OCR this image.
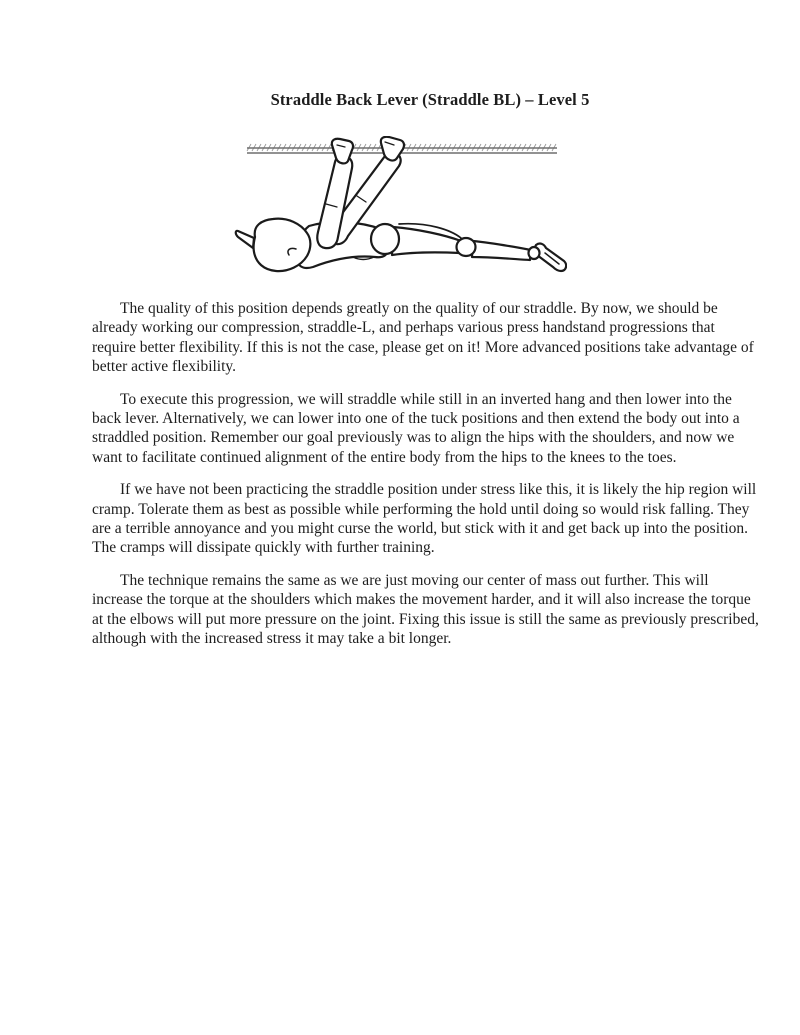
Straddle Back Lever (Straddle BL) – Level 5

The quality of this position depends greatly on the quality of our straddle. By now, we should be already working our compression, straddle-L, and perhaps various press handstand progressions that require better flexibility. If this is not the case, please get on it! More advanced positions take advantage of better active flexibility.

To execute this progression, we will straddle while still in an inverted hang and then lower into the back lever. Alternatively, we can lower into one of the tuck positions and then extend the body out into a straddled position. Remember our goal previously was to align the hips with the shoulders, and now we want to facilitate continued alignment of the entire body from the hips to the knees to the toes.

If we have not been practicing the straddle position under stress like this, it is likely the hip region will cramp. Tolerate them as best as possible while performing the hold until doing so would risk falling. They are a terrible annoyance and you might curse the world, but stick with it and get back up into the position. The cramps will dissipate quickly with further training.

The technique remains the same as we are just moving our center of mass out further. This will increase the torque at the shoulders which makes the movement harder, and it will also increase the torque at the elbows will put more pressure on the joint. Fixing this issue is still the same as previously prescribed, although with the increased stress it may take a bit longer.
